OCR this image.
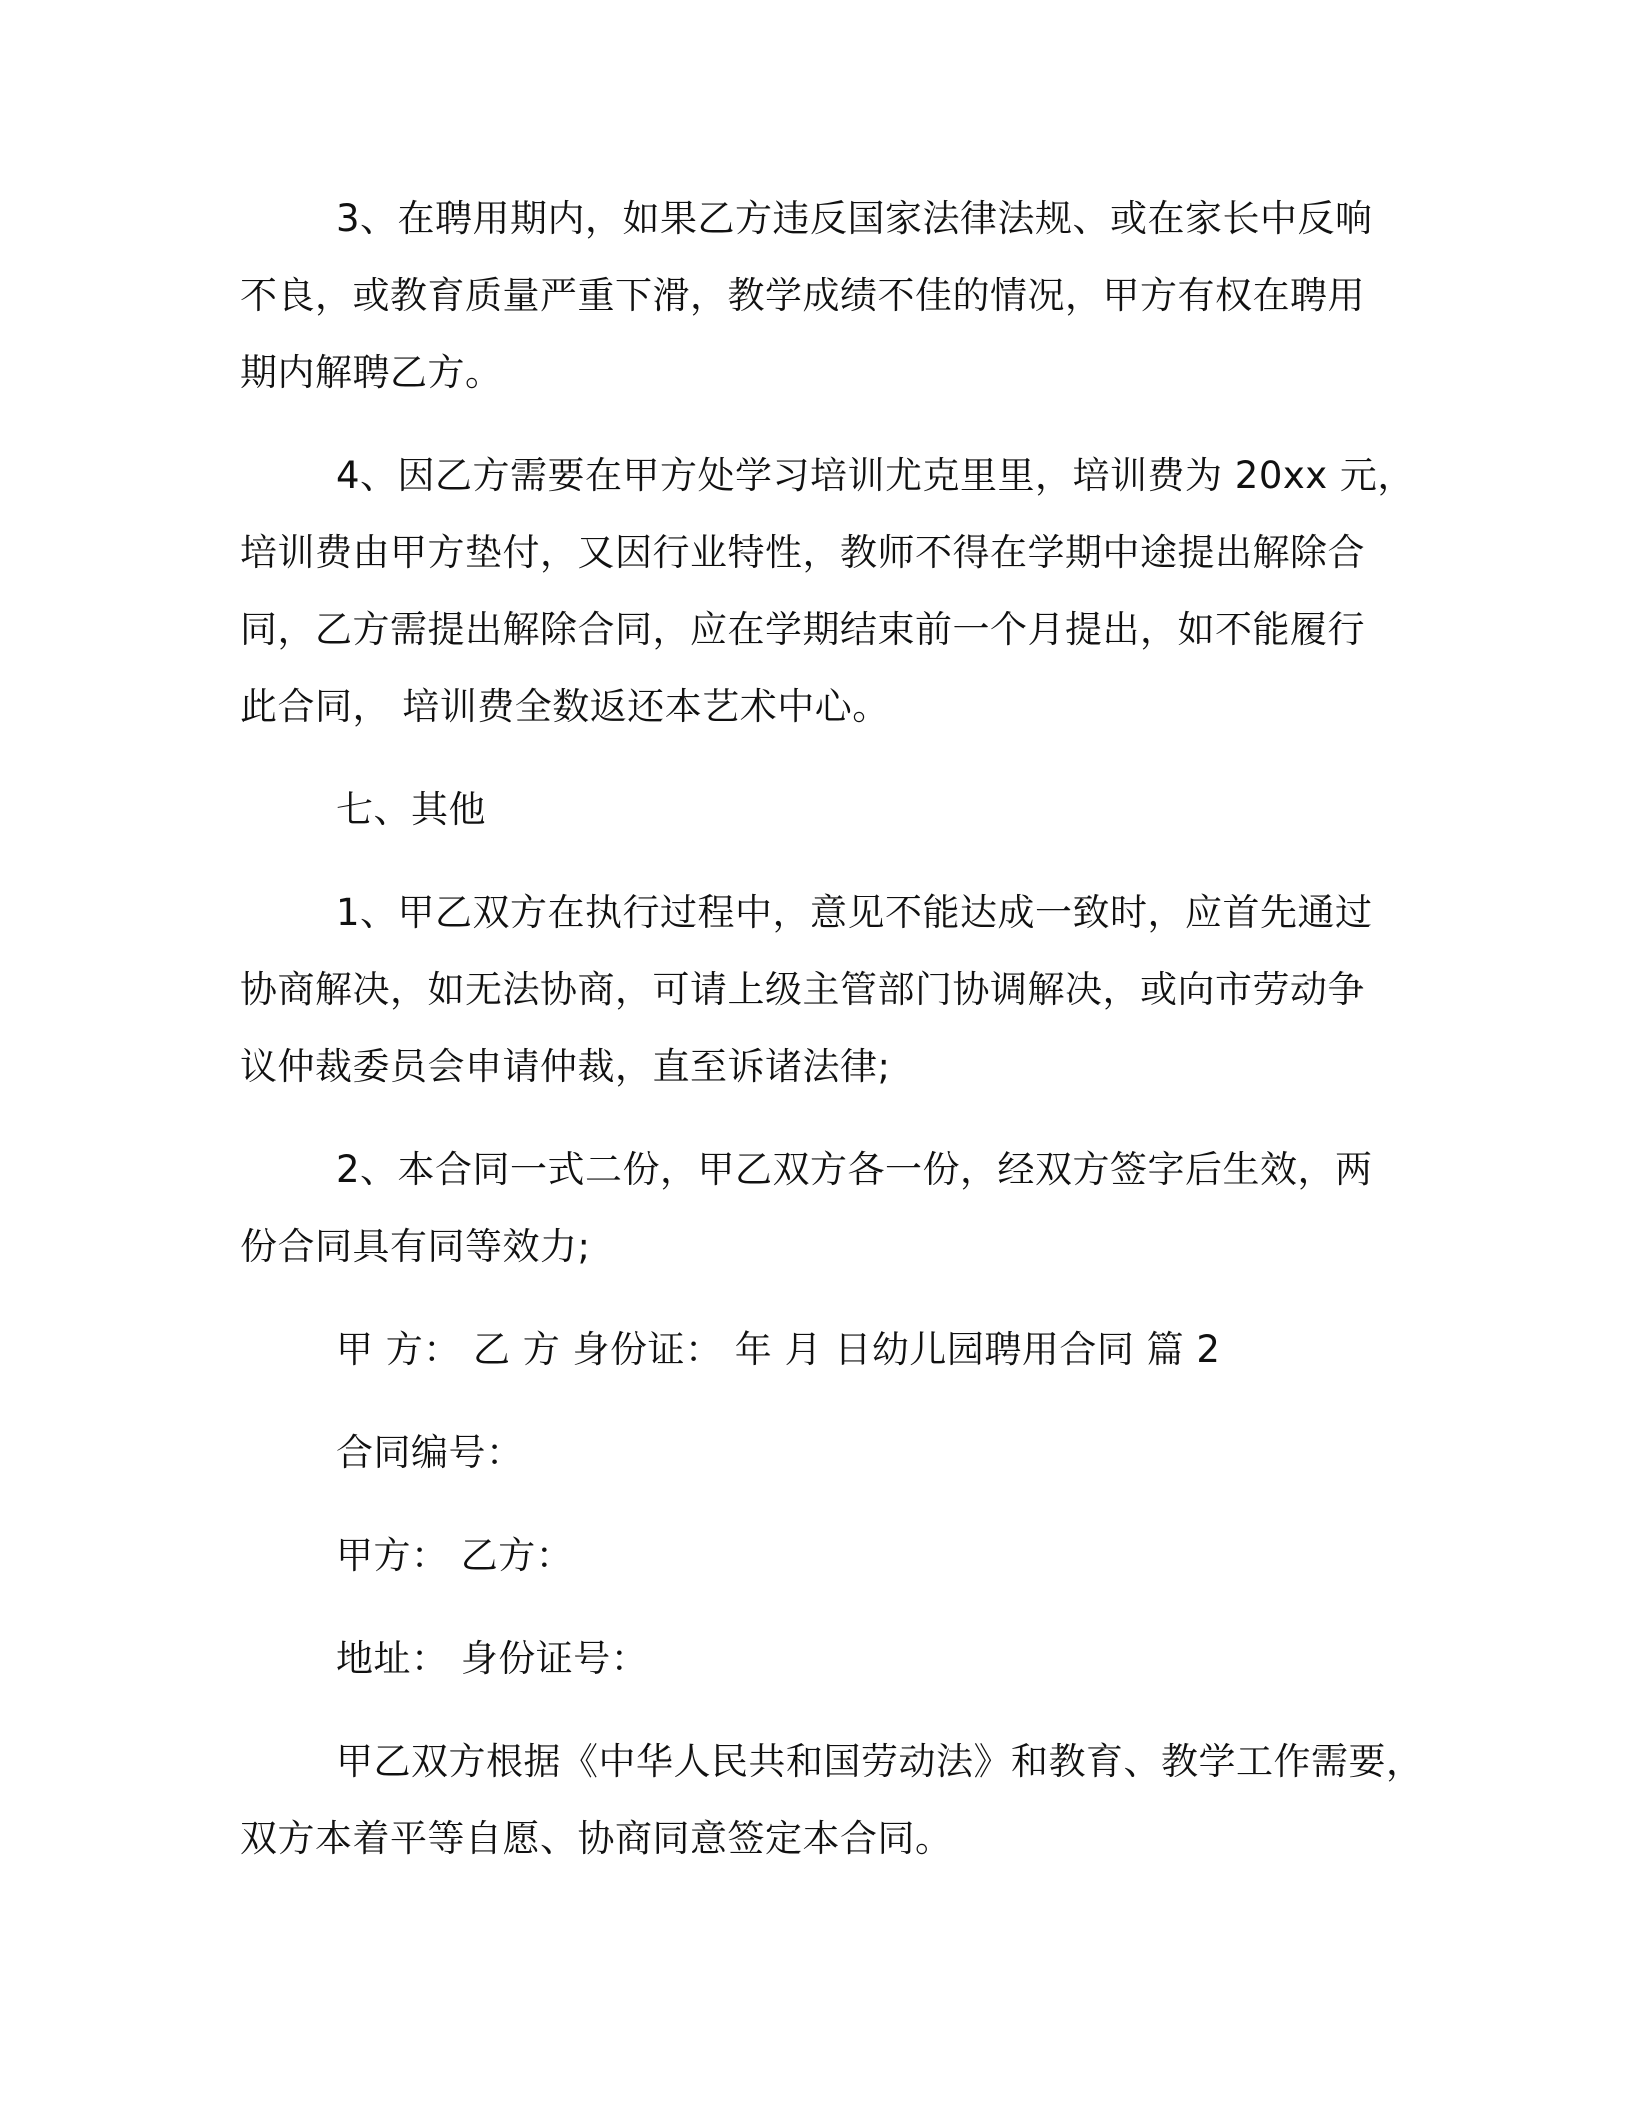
3、在聘用期内，如果乙方违反国家法律法规、或在家长中反响
不良，或教育质量严重下滑，教学成绩不佳的情况，甲方有权在聘用
期内解聘乙方。

4、因乙方需要在甲方处学习培训尤克里里，培训费为 20xx 元，
培训费由甲方垫付，又因行业特性，教师不得在学期中途提出解除合
同，乙方需提出解除合同，应在学期结束前一个月提出，如不能履行
此合同， 培训费全数返还本艺术中心。

七、其他

1、甲乙双方在执行过程中，意见不能达成一致时，应首先通过
协商解决，如无法协商，可请上级主管部门协调解决，或向市劳动争
议仲裁委员会申请仲裁，直至诉诸法律;

2、本合同一式二份，甲乙双方各一份，经双方签字后生效，两
份合同具有同等效力;

甲 方： 乙 方 身份证： 年 月 日幼儿园聘用合同 篇 2

合同编号：

甲方： 乙方：

地址： 身份证号：

甲乙双方根据《中华人民共和国劳动法》和教育、教学工作需要，
双方本着平等自愿、协商同意签定本合同。
